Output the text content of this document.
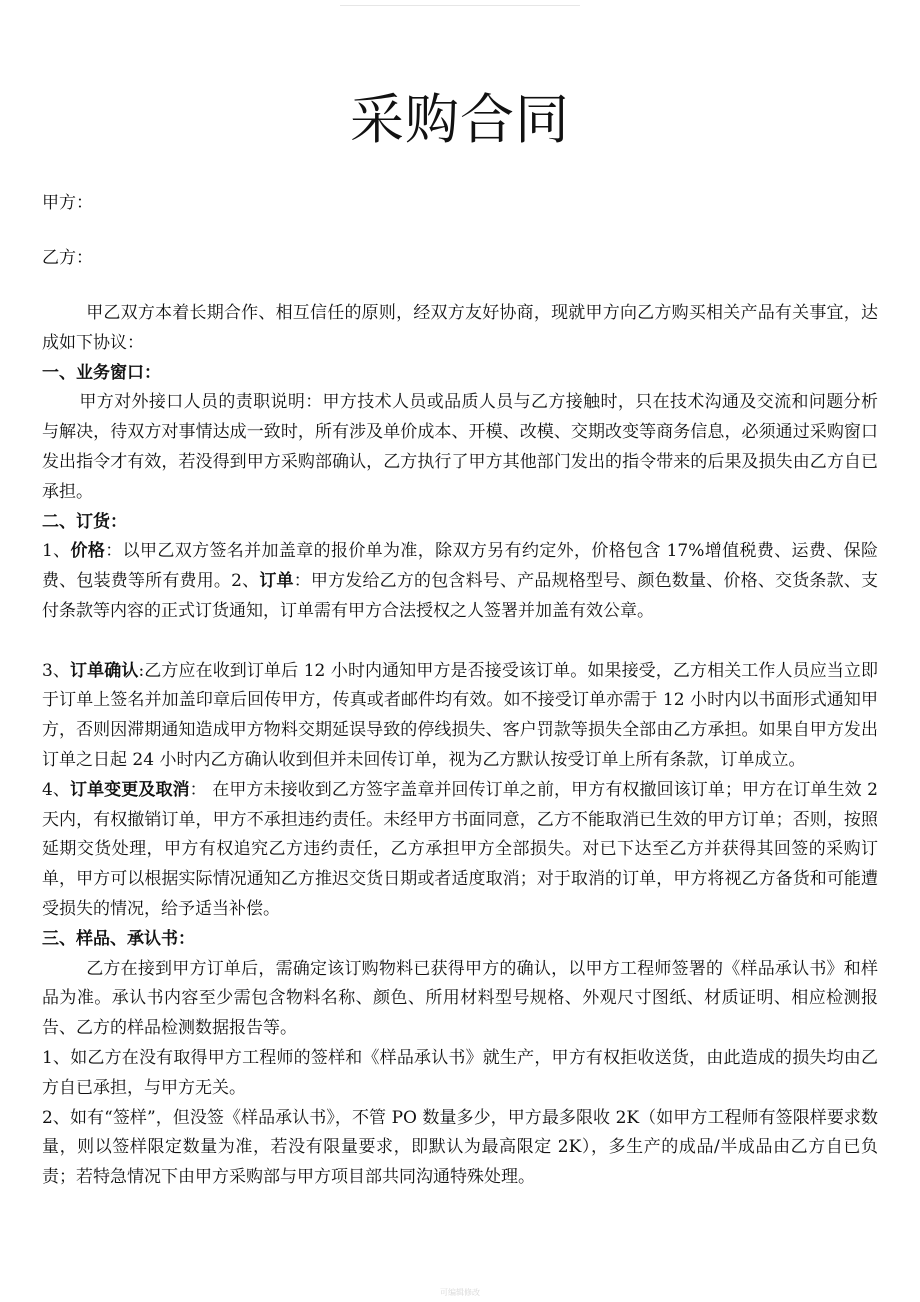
采购合同
甲方：
乙方：

甲乙双方本着长期合作、相互信任的原则，经双方友好协商，现就甲方向乙方购买相关产品有关事宜，达成如下协议：

一、业务窗口：

甲方对外接口人员的责职说明：甲方技术人员或品质人员与乙方接触时，只在技术沟通及交流和问题分析与解决，待双方对事情达成一致时，所有涉及单价成本、开模、改模、交期改变等商务信息，必须通过采购窗口发出指令才有效，若没得到甲方采购部确认，乙方执行了甲方其他部门发出的指令带来的后果及损失由乙方自已承担。

二、订货：

1、价格：以甲乙双方签名并加盖章的报价单为准，除双方另有约定外，价格包含 17%增值税费、运费、保险费、包装费等所有费用。2、订单：甲方发给乙方的包含料号、产品规格型号、颜色数量、价格、交货条款、支付条款等内容的正式订货通知，订单需有甲方合法授权之人签署并加盖有效公章。

3、订单确认:乙方应在收到订单后 12 小时内通知甲方是否接受该订单。如果接受，乙方相关工作人员应当立即于订单上签名并加盖印章后回传甲方，传真或者邮件均有效。如不接受订单亦需于 12 小时内以书面形式通知甲方，否则因滞期通知造成甲方物料交期延误导致的停线损失、客户罚款等损失全部由乙方承担。如果自甲方发出订单之日起 24 小时内乙方确认收到但并未回传订单，视为乙方默认按受订单上所有条款，订单成立。

4、订单变更及取消： 在甲方未接收到乙方签字盖章并回传订单之前，甲方有权撤回该订单；甲方在订单生效 2 天内，有权撤销订单，甲方不承担违约责任。未经甲方书面同意，乙方不能取消已生效的甲方订单；否则，按照延期交货处理，甲方有权追究乙方违约责任，乙方承担甲方全部损失。对已下达至乙方并获得其回签的采购订单，甲方可以根据实际情况通知乙方推迟交货日期或者适度取消；对于取消的订单，甲方将视乙方备货和可能遭受损失的情况，给予适当补偿。

三、样品、承认书：

乙方在接到甲方订单后，需确定该订购物料已获得甲方的确认，以甲方工程师签署的《样品承认书》和样品为准。承认书内容至少需包含物料名称、颜色、所用材料型号规格、外观尺寸图纸、材质证明、相应检测报告、乙方的样品检测数据报告等。

1、如乙方在没有取得甲方工程师的签样和《样品承认书》就生产，甲方有权拒收送货，由此造成的损失均由乙方自已承担，与甲方无关。

2、如有“签样”，但没签《样品承认书》，不管 PO 数量多少，甲方最多限收 2K（如甲方工程师有签限样要求数量，则以签样限定数量为准，若没有限量要求，即默认为最高限定 2K），多生产的成品/半成品由乙方自已负责；若特急情况下由甲方采购部与甲方项目部共同沟通特殊处理。

可编辑修改
